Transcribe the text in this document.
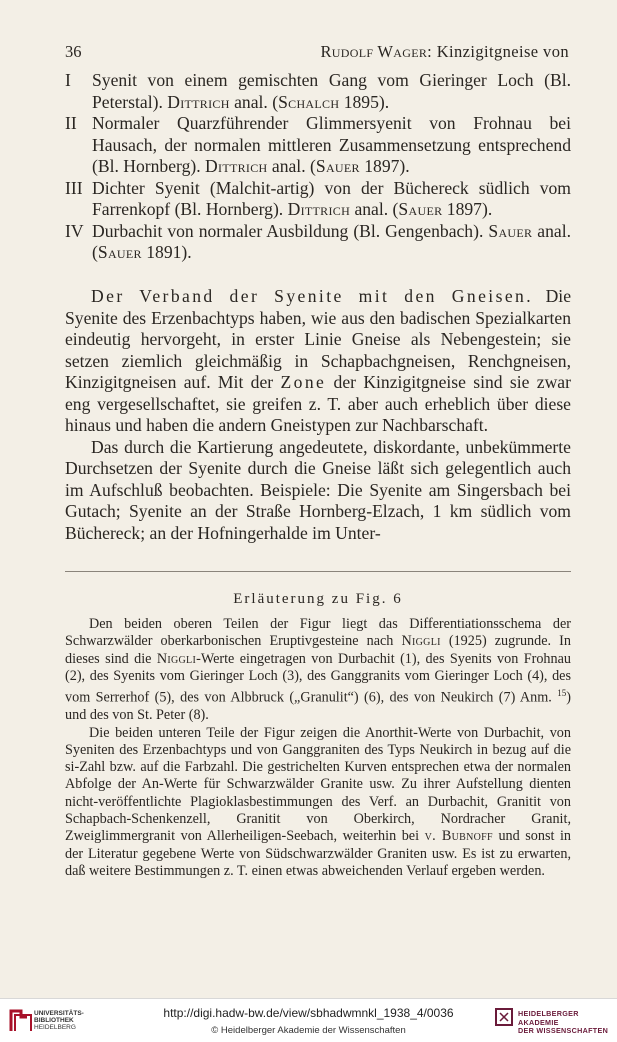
36	Rudolf Wager: Kinzigitgneise von
I Syenit von einem gemischten Gang vom Gieringer Loch (Bl. Peterstal). Dittrich anal. (Schalch 1895).
II Normaler Quarzführender Glimmersyenit von Frohnau bei Hausach, der normalen mittleren Zusammensetzung entsprechend (Bl. Hornberg). Dittrich anal. (Sauer 1897).
III Dichter Syenit (Malchit-artig) von der Büchereck südlich vom Farrenkopf (Bl. Hornberg). Dittrich anal. (Sauer 1897).
IV Durbachit von normaler Ausbildung (Bl. Gengenbach). Sauer anal. (Sauer 1891).

Der Verband der Syenite mit den Gneisen. Die Syenite des Erzenbachtyps haben, wie aus den badischen Spezialkarten eindeutig hervorgeht, in erster Linie Gneise als Nebengestein; sie setzen ziemlich gleichmäßig in Schapbachgneisen, Renchgneisen, Kinzigitgneisen auf. Mit der Zone der Kinzigitgneise sind sie zwar eng vergesellschaftet, sie greifen z. T. aber auch erheblich über diese hinaus und haben die andern Gneistypen zur Nachbarschaft.

Das durch die Kartierung angedeutete, diskordante, unbekümmerte Durchsetzen der Syenite durch die Gneise läßt sich gelegentlich auch im Aufschluß beobachten. Beispiele: Die Syenite am Singersbach bei Gutach; Syenite an der Straße Hornberg-Elzach, 1 km südlich vom Büchereck; an der Hofningerhalde im Unter-

Erläuterung zu Fig. 6

Den beiden oberen Teilen der Figur liegt das Differentiationsschema der Schwarzwälder oberkarbonischen Eruptivgesteine nach Niggli (1925) zugrunde. In dieses sind die Niggli-Werte eingetragen von Durbachit (1), des Syenits von Frohnau (2), des Syenits vom Gieringer Loch (3), des Ganggranits vom Gieringer Loch (4), des vom Serrerhof (5), des von Albbruck („Granulit“) (6), des von Neukirch (7) Anm. $^{15}$) und des von St. Peter (8).

Die beiden unteren Teile der Figur zeigen die Anorthit-Werte von Durbachit, von Syeniten des Erzenbachtyps und von Ganggraniten des Typs Neukirch in bezug auf die si-Zahl bzw. auf die Farbzahl. Die gestrichelten Kurven entsprechen etwa der normalen Abfolge der An-Werte für Schwarzwälder Granite usw. Zu ihrer Aufstellung dienten nicht-veröffentlichte Plagioklasbestimmungen des Verf. an Durbachit, Granitit von Schapbach-Schenkenzell, Granitit von Oberkirch, Nordracher Granit, Zweiglimmergranit von Allerheiligen-Seebach, weiterhin bei v. Bubnoff und sonst in der Literatur gegebene Werte von Südschwarzwälder Graniten usw. Es ist zu erwarten, daß weitere Bestimmungen z. T. einen etwas abweichenden Verlauf ergeben werden.

UNIVERSITÄTS-
BIBLIOTHEK
HEIDELBERG
http://digi.hadw-bw.de/view/sbhadwmnkl_1938_4/0036
© Heidelberger Akademie der Wissenschaften
HEIDELBERGER AKADEMIE
DER WISSENSCHAFTEN
